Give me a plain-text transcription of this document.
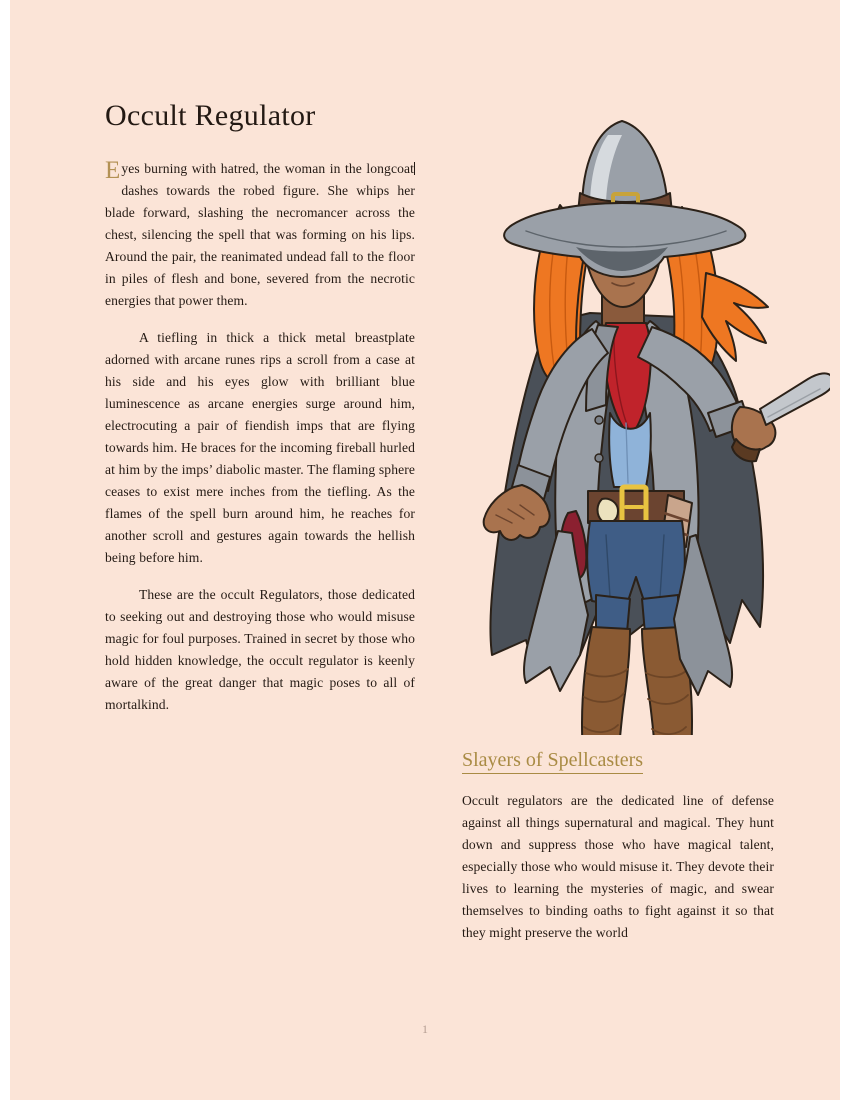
Occult Regulator

Eyes burning with hatred, the woman in the longcoat dashes towards the robed figure. She whips her blade forward, slashing the necromancer across the chest, silencing the spell that was forming on his lips. Around the pair, the reanimated undead fall to the floor in piles of flesh and bone, severed from the necrotic energies that power them.

A tiefling in thick a thick metal breastplate adorned with arcane runes rips a scroll from a case at his side and his eyes glow with brilliant blue luminescence as arcane energies surge around him, electrocuting a pair of fiendish imps that are flying towards him. He braces for the incoming fireball hurled at him by the imps’ diabolic master. The flaming sphere ceases to exist mere inches from the tiefling. As the flames of the spell burn around him, he reaches for another scroll and gestures again towards the hellish being before him.

These are the occult Regulators, those dedicated to seeking out and destroying those who would misuse magic for foul purposes. Trained in secret by those who hold hidden knowledge, the occult regulator is keenly aware of the great danger that magic poses to all of mortalkind.

Slayers of Spellcasters

Occult regulators are the dedicated line of defense against all things supernatural and magical. They hunt down and suppress those who have magical talent, especially those who would misuse it. They devote their lives to learning the mysteries of magic, and swear themselves to binding oaths to fight against it so that they might preserve the world

1
